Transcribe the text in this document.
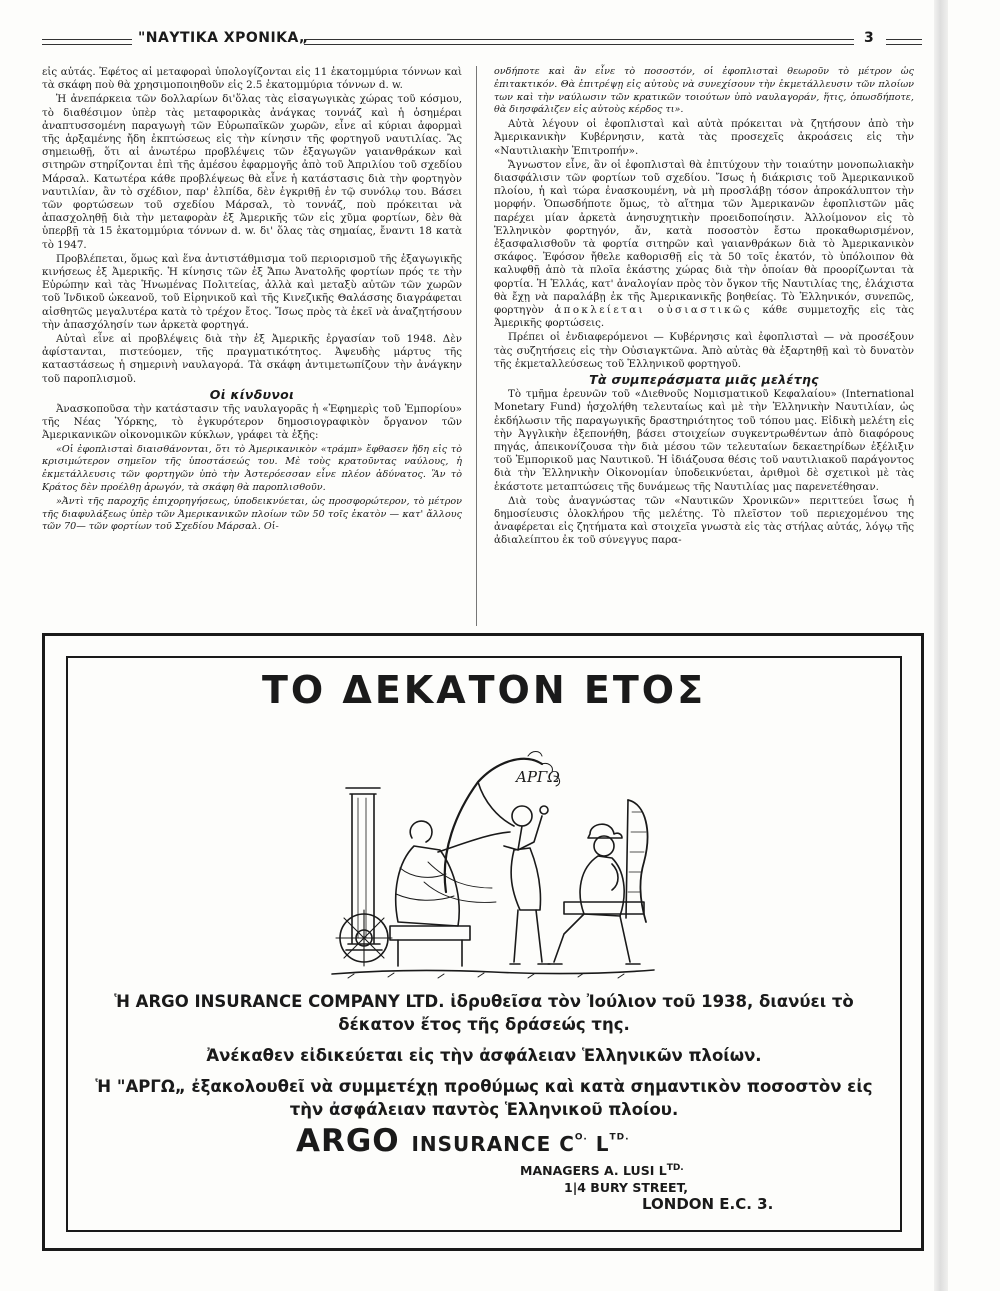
"ΝΑΥΤΙΚΑ ΧΡΟΝΙΚΑ„	3

εἰς αὐτάς. Ἐφέτος αἱ μεταφοραὶ ὑπολογίζονται εἰς 11 ἑκατομμύρια τόννων καὶ τὰ σκάφη ποὺ θὰ χρησιμοποιηθοῦν εἰς 2.5 ἑκατομμύρια τόννων d. w.

Ἡ ἀνεπάρκεια τῶν δολλαρίων δι'ὅλας τὰς εἰσαγωγικὰς χώρας τοῦ κόσμου, τὸ διαθέσιμον ὑπὲρ τὰς μεταφορικὰς ἀνάγκας τοννάζ καὶ ἡ ὁσημέραι ἀναπτυσσομένη παραγωγὴ τῶν Εὐρωπαϊκῶν χωρῶν, εἶνε αἱ κύριαι ἀφορμαὶ τῆς ἀρξαμένης ἤδη ἐκπτώσεως εἰς τὴν κίνησιν τῆς φορτηγοῦ ναυτιλίας. Ἂς σημειωθῇ, ὅτι αἱ ἀνωτέρω προβλέψεις τῶν ἐξαγωγῶν γαιανθράκων καὶ σιτηρῶν στηρίζονται ἐπὶ τῆς ἀμέσου ἐφαρμογῆς ἀπὸ τοῦ Ἀπριλίου τοῦ σχεδίου Μάρσαλ. Κατωτέρα κάθε προβλέψεως θὰ εἶνε ἡ κατάστασις διὰ τὴν φορτηγὸν ναυτιλίαν, ἂν τὸ σχέδιον, παρ' ἐλπίδα, δὲν ἐγκριθῇ ἐν τῷ συνόλῳ του. Βάσει τῶν φορτώσεων τοῦ σχεδίου Μάρσαλ, τὸ τοννάζ, ποὺ πρόκειται νὰ ἀπασχοληθῇ διὰ τὴν μεταφορὰν ἐξ Ἀμερικῆς τῶν εἰς χῦμα φορτίων, δὲν θὰ ὑπερβῇ τὰ 15 ἑκατομμύρια τόννων d. w. δι' ὅλας τὰς σημαίας, ἔναντι 18 κατὰ τὸ 1947.

Προβλέπεται, ὅμως καὶ ἕνα ἀντιστάθμισμα τοῦ περιορισμοῦ τῆς ἐξαγωγικῆς κινήσεως ἐξ Ἀμερικῆς. Ἡ κίνησις τῶν ἐξ Ἄπω Ἀνατολῆς φορτίων πρός τε τὴν Εὐρώπην καὶ τὰς Ἡνωμένας Πολιτείας, ἀλλὰ καὶ μεταξὺ αὐτῶν τῶν χωρῶν τοῦ Ἰνδικοῦ ὠκεανοῦ, τοῦ Εἰρηνικοῦ καὶ τῆς Κινεζικῆς Θαλάσσης διαγράφεται αἰσθητῶς μεγαλυτέρα κατὰ τὸ τρέχον ἔτος. Ἴσως πρὸς τὰ ἐκεῖ νὰ ἀναζητήσουν τὴν ἀπασχόλησίν των ἀρκετὰ φορτηγά.

Αὐταὶ εἶνε αἱ προβλέψεις διὰ τὴν ἐξ Ἀμερικῆς ἐργασίαν τοῦ 1948. Δὲν ἀφίστανται, πιστεύομεν, τῆς πραγματικότητος. Ἀψευδὴς μάρτυς τῆς καταστάσεως ἡ σημερινὴ ναυλαγορά. Τὰ σκάφη ἀντιμετωπίζουν τὴν ἀνάγκην τοῦ παροπλισμοῦ.

Οἱ κίνδυνοι

Ἀνασκοποῦσα τὴν κατάστασιν τῆς ναυλαγορᾶς ἡ «Ἐφημερὶς τοῦ Ἐμπορίου» τῆς Νέας Ὑόρκης, τὸ ἐγκυρότερον δημοσιογραφικὸν ὄργανον τῶν Ἀμερικανικῶν οἰκονομικῶν κύκλων, γράφει τὰ ἑξῆς:

«Οἱ ἐφοπλισταὶ διαισθάνονται, ὅτι τὸ Ἀμερικανικὸν «τράμπ» ἔφθασεν ἤδη εἰς τὸ κρισιμώτερον σημεῖον τῆς ὑποστάσεώς του. Μὲ τοὺς κρατοῦντας ναύλους, ἡ ἐκμετάλλευσις τῶν φορτηγῶν ὑπὸ τὴν Ἀστερόεσσαν εἶνε πλέον ἀδύνατος. Ἂν τὸ Κράτος δὲν προέλθῃ ἀρωγόν, τὰ σκάφη θὰ παροπλισθοῦν.

»Ἀντὶ τῆς παροχῆς ἐπιχορηγήσεως, ὑποδεικνύεται, ὡς προσφορώτερον, τὸ μέτρον τῆς διαφυλάξεως ὑπὲρ τῶν Ἀμερικανικῶν πλοίων τῶν 50 τοῖς ἑκατὸν — κατ' ἄλλους τῶν 70— τῶν φορτίων τοῦ Σχεδίου Μάρσαλ. Οἱ-

ονδήποτε καὶ ἂν εἶνε τὸ ποσοστόν, οἱ ἐφοπλισταὶ θεωροῦν τὸ μέτρον ὡς ἐπιτακτικόν. Θὰ ἐπιτρέψῃ εἰς αὐτοὺς νὰ συνεχίσουν τὴν ἐκμετάλλευσιν τῶν πλοίων των καὶ τὴν ναύλωσιν τῶν κρατικῶν τοιούτων ὑπὸ ναυλαγοράν, ἥτις, ὁπωσδήποτε, θὰ διησφάλιζεν εἰς αὐτοὺς κέρδος τι».

Αὐτὰ λέγουν οἱ ἐφοπλισταὶ καὶ αὐτὰ πρόκειται νὰ ζητήσουν ἀπὸ τὴν Ἀμερικανικὴν Κυβέρνησιν, κατὰ τὰς προσεχεῖς ἀκροάσεις εἰς τὴν «Ναυτιλιακὴν Ἐπιτροπήν».

Ἄγνωστον εἶνε, ἂν οἱ ἐφοπλισταὶ θὰ ἐπιτύχουν τὴν τοιαύτην μονοπωλιακὴν διασφάλισιν τῶν φορτίων τοῦ σχεδίου. Ἴσως ἡ διάκρισις τοῦ Ἀμερικανικοῦ πλοίου, ἡ καὶ τώρα ἐνασκουμένη, νὰ μὴ προσλάβῃ τόσον ἀπροκάλυπτον τὴν μορφήν. Ὁπωσδήποτε ὅμως, τὸ αἴτημα τῶν Ἀμερικανῶν ἐφοπλιστῶν μᾶς παρέχει μίαν ἀρκετὰ ἀνησυχητικὴν προειδοποίησιν. Ἀλλοίμονον εἰς τὸ Ἑλληνικὸν φορτηγόν, ἄν, κατὰ ποσοστὸν ἔστω προκαθωρισμένον, ἐξασφαλισθοῦν τὰ φορτία σιτηρῶν καὶ γαιανθράκων διὰ τὸ Ἀμερικανικὸν σκάφος. Ἐφόσον ἤθελε καθορισθῇ εἰς τὰ 50 τοῖς ἑκατόν, τὸ ὑπόλοιπον θὰ καλυφθῇ ἀπὸ τὰ πλοῖα ἑκάστης χώρας διὰ τὴν ὁποίαν θὰ προορίζωνται τὰ φορτία. Ἡ Ἑλλάς, κατ' ἀναλογίαν πρὸς τὸν ὄγκον τῆς Ναυτιλίας της, ἐλάχιστα θὰ ἔχῃ νὰ παραλάβῃ ἐκ τῆς Ἀμερικανικῆς βοηθείας. Τὸ Ἑλληνικόν, συνεπῶς, φορτηγὸν ἀποκλείεται οὐσιαστικῶς κάθε συμμετοχῆς εἰς τὰς Ἀμερικῆς φορτώσεις.

Πρέπει οἱ ἐνδιαφερόμενοι — Κυβέρνησις καὶ ἐφοπλισταὶ — νὰ προσέξουν τὰς συζητήσεις εἰς τὴν Οὐσιαγκτῶνα. Ἀπὸ αὐτὰς θὰ ἐξαρτηθῇ καὶ τὸ δυνατὸν τῆς ἐκμεταλλεύσεως τοῦ Ἑλληνικοῦ φορτηγοῦ.

Τὰ συμπεράσματα μιᾶς μελέτης

Τὸ τμῆμα ἐρευνῶν τοῦ «Διεθνοῦς Νομισματικοῦ Κεφαλαίου» (International Monetary Fund) ἠσχολήθη τελευταίως καὶ μὲ τὴν Ἑλληνικὴν Ναυτιλίαν, ὡς ἐκδήλωσιν τῆς παραγωγικῆς δραστηριότητος τοῦ τόπου μας. Εἰδικὴ μελέτη εἰς τὴν Ἀγγλικὴν ἐξεπονήθη, βάσει στοιχείων συγκεντρωθέντων ἀπὸ διαφόρους πηγάς, ἀπεικονίζουσα τὴν διὰ μέσου τῶν τελευταίων δεκαετηρίδων ἐξέλιξιν τοῦ Ἐμπορικοῦ μας Ναυτικοῦ. Ἡ ἰδιάζουσα θέσις τοῦ ναυτιλιακοῦ παράγοντος διὰ τὴν Ἑλληνικὴν Οἰκονομίαν ὑποδεικνύεται, ἀριθμοὶ δὲ σχετικοὶ μὲ τὰς ἑκάστοτε μεταπτώσεις τῆς δυνάμεως τῆς Ναυτιλίας μας παρενετέθησαν.

Διὰ τοὺς ἀναγνώστας τῶν «Ναυτικῶν Χρονικῶν» περιττεύει ἴσως ἡ δημοσίευσις ὁλοκλήρου τῆς μελέτης. Τὸ πλεῖστον τοῦ περιεχομένου της ἀναφέρεται εἰς ζητήματα καὶ στοιχεῖα γνωστὰ εἰς τὰς στήλας αὐτάς, λόγῳ τῆς ἀδιαλείπτου ἐκ τοῦ σύνεγγυς παρα-

ΤΟ ΔΕΚΑΤΟΝ ΕΤΟΣ
ΑΡΓΩ

Ἡ ARGO INSURANCE COMPANY LTD. ἱδρυθεῖσα τὸν Ἰούλιον τοῦ 1938, διανύει τὸ δέκατον ἔτος τῆς δράσεώς της.

Ἀνέκαθεν εἰδικεύεται εἰς τὴν ἀσφάλειαν Ἑλληνικῶν πλοίων.

Ἡ "ΑΡΓΩ„ ἐξακολουθεῖ νὰ συμμετέχῃ προθύμως καὶ κατὰ σημαντικὸν ποσοστὸν εἰς τὴν ἀσφάλειαν παντὸς Ἑλληνικοῦ πλοίου.

ARGO INSURANCE $C^{O.}$ $L^{TD.}$
MANAGERS A. LUSI $L^{TD.}$
1|4 BURY STREET,
LONDON E.C. 3.
